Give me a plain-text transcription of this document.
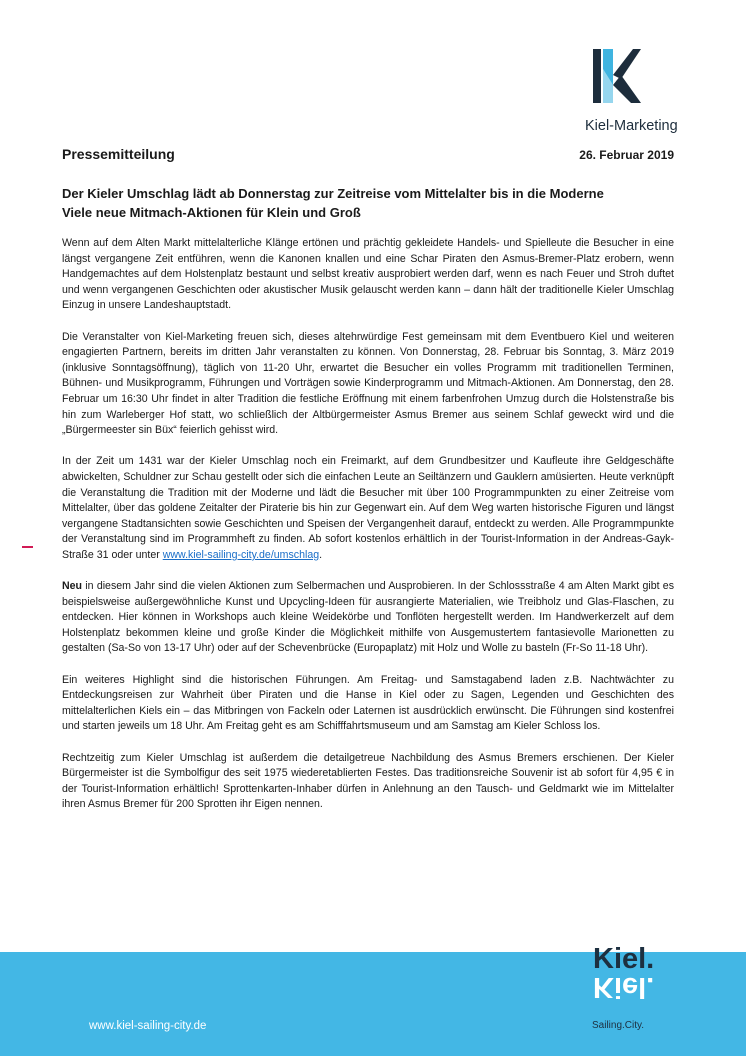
Kiel-Marketing
Pressemitteilung	26. Februar 2019
Der Kieler Umschlag lädt ab Donnerstag zur Zeitreise vom Mittelalter bis in die Moderne
Viele neue Mitmach-Aktionen für Klein und Groß

Wenn auf dem Alten Markt mittelalterliche Klänge ertönen und prächtig gekleidete Handels- und Spielleute die Besucher in eine längst vergangene Zeit entführen, wenn die Kanonen knallen und eine Schar Piraten den Asmus-Bremer-Platz erobern, wenn Handgemachtes auf dem Holstenplatz bestaunt und selbst kreativ ausprobiert werden darf, wenn es nach Feuer und Stroh duftet und wenn vergangenen Geschichten oder akustischer Musik gelauscht werden kann – dann hält der traditionelle Kieler Umschlag Einzug in unsere Landeshauptstadt.

Die Veranstalter von Kiel-Marketing freuen sich, dieses altehrwürdige Fest gemeinsam mit dem Eventbuero Kiel und weiteren engagierten Partnern, bereits im dritten Jahr veranstalten zu können. Von Donnerstag, 28. Februar bis Sonntag, 3. März 2019 (inklusive Sonntagsöffnung), täglich von 11-20 Uhr, erwartet die Besucher ein volles Programm mit traditionellen Terminen, Bühnen- und Musikprogramm, Führungen und Vorträgen sowie Kinderprogramm und Mitmach-Aktionen. Am Donnerstag, den 28. Februar um 16:30 Uhr findet in alter Tradition die festliche Eröffnung mit einem farbenfrohen Umzug durch die Holstenstraße bis hin zum Warleberger Hof statt, wo schließlich der Altbürgermeister Asmus Bremer aus seinem Schlaf geweckt wird und die „Bürgermeester sin Büx“ feierlich gehisst wird.

In der Zeit um 1431 war der Kieler Umschlag noch ein Freimarkt, auf dem Grundbesitzer und Kaufleute ihre Geldgeschäfte abwickelten, Schuldner zur Schau gestellt oder sich die einfachen Leute an Seiltänzern und Gauklern amüsierten. Heute verknüpft die Veranstaltung die Tradition mit der Moderne und lädt die Besucher mit über 100 Programmpunkten zu einer Zeitreise vom Mittelalter, über das goldene Zeitalter der Piraterie bis hin zur Gegenwart ein. Auf dem Weg warten historische Figuren und längst vergangene Stadtansichten sowie Geschichten und Speisen der Vergangenheit darauf, entdeckt zu werden. Alle Programmpunkte der Veranstaltung sind im Programmheft zu finden. Ab sofort kostenlos erhältlich in der Tourist-Information in der Andreas-Gayk-Straße 31 oder unter www.kiel-sailing-city.de/umschlag.

Neu in diesem Jahr sind die vielen Aktionen zum Selbermachen und Ausprobieren. In der Schlossstraße 4 am Alten Markt gibt es beispielsweise außergewöhnliche Kunst und Upcycling-Ideen für ausrangierte Materialien, wie Treibholz und Glas-Flaschen, zu entdecken. Hier können in Workshops auch kleine Weidekörbe und Tonflöten hergestellt werden. Im Handwerkerzelt auf dem Holstenplatz bekommen kleine und große Kinder die Möglichkeit mithilfe von Ausgemustertem fantasievolle Marionetten zu gestalten (Sa-So von 13-17 Uhr) oder auf der Schevenbrücke (Europaplatz) mit Holz und Wolle zu basteln (Fr-So 11-18 Uhr).

Ein weiteres Highlight sind die historischen Führungen. Am Freitag- und Samstagabend laden z.B. Nachtwächter zu Entdeckungsreisen zur Wahrheit über Piraten und die Hanse in Kiel oder zu Sagen, Legenden und Geschichten des mittelalterlichen Kiels ein – das Mitbringen von Fackeln oder Laternen ist ausdrücklich erwünscht. Die Führungen sind kostenfrei und starten jeweils um 18 Uhr. Am Freitag geht es am Schifffahrtsmuseum und am Samstag am Kieler Schloss los.

Rechtzeitig zum Kieler Umschlag ist außerdem die detailgetreue Nachbildung des Asmus Bremers erschienen. Der Kieler Bürgermeister ist die Symbolfigur des seit 1975 wiederetablierten Festes. Das traditionsreiche Souvenir ist ab sofort für 4,95 € in der Tourist-Information erhältlich! Sprottenkarten-Inhaber dürfen in Anlehnung an den Tausch- und Geldmarkt wie im Mittelalter ihren Asmus Bremer für 200 Sprotten ihr Eigen nennen.

www.kiel-sailing-city.de
Kiel.
Kiel.
Sailing.City.
